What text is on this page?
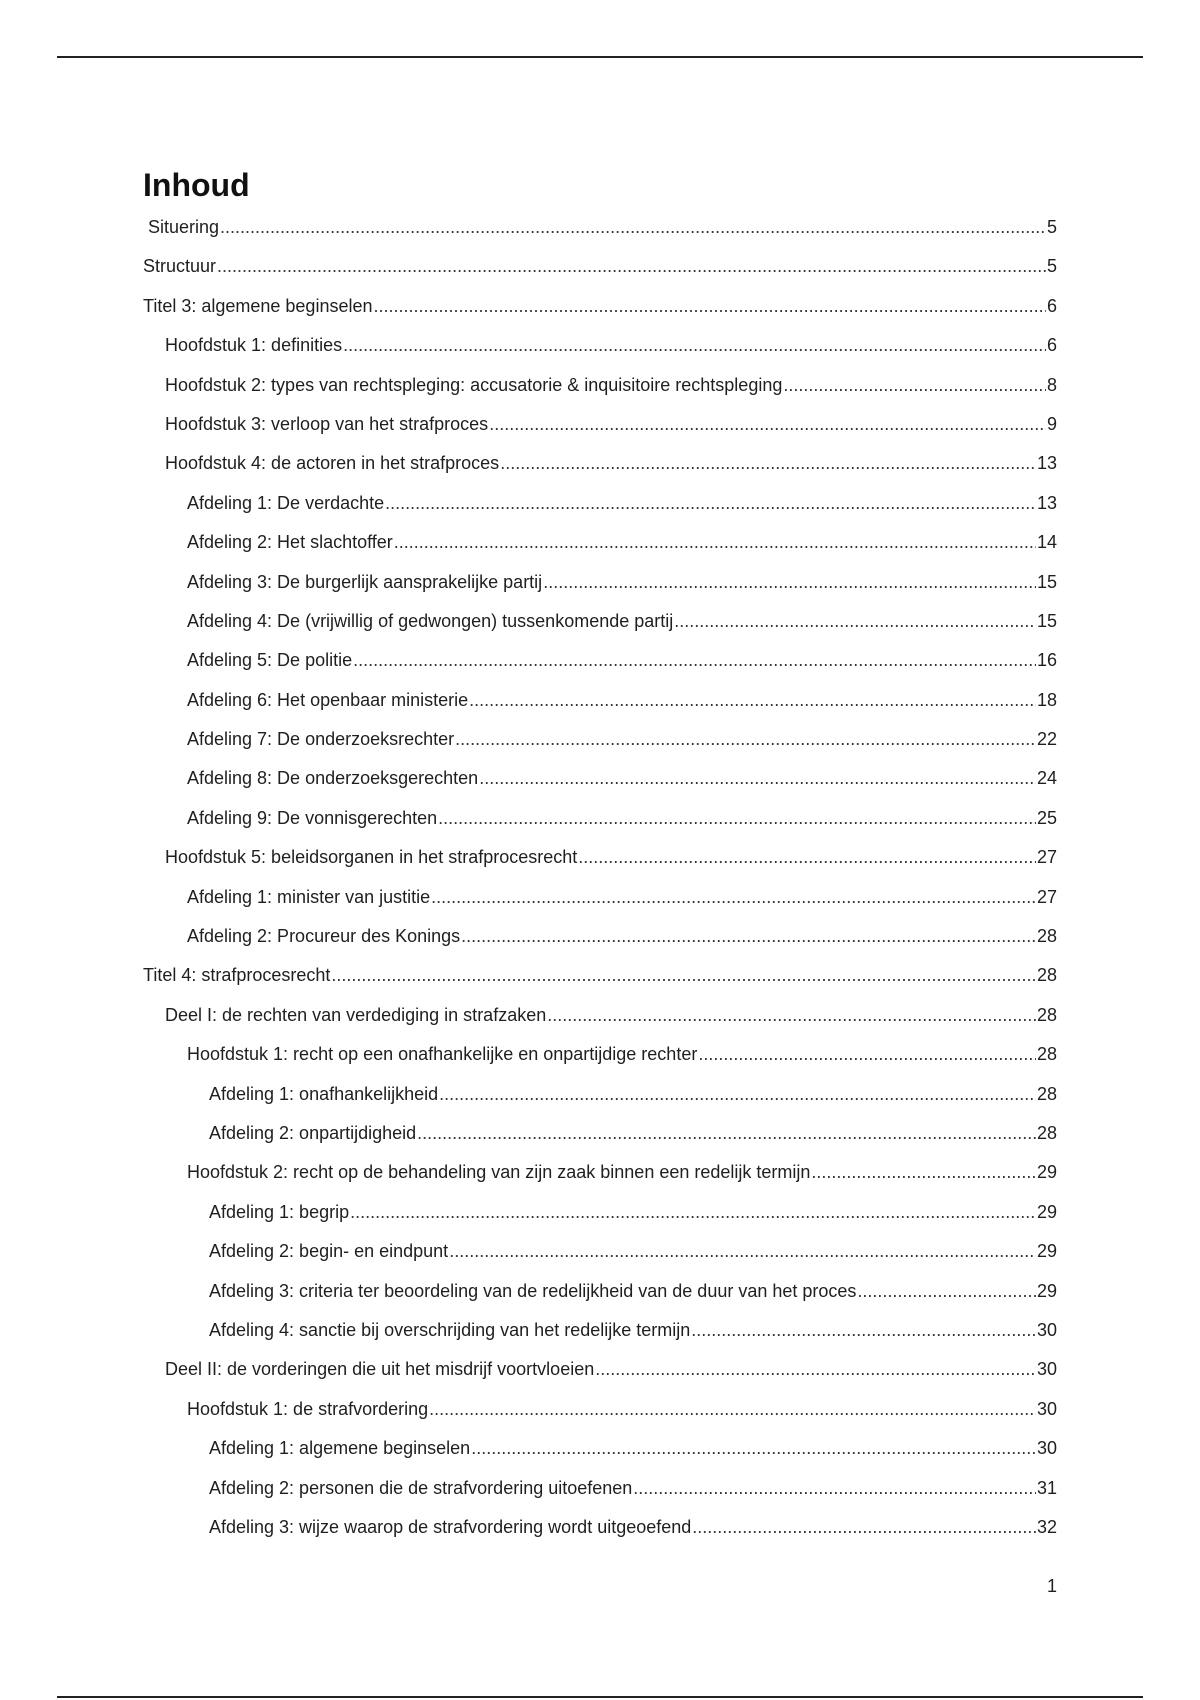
Inhoud
Situering .....	5
Structuur .....	5
Titel 3: algemene beginselen .....	6
Hoofdstuk 1: definities .....	6
Hoofdstuk 2: types van rechtspleging: accusatorie & inquisitoire rechtspleging .....	8
Hoofdstuk 3: verloop van het strafproces .....	9
Hoofdstuk 4: de actoren in het strafproces .....	13
Afdeling 1: De verdachte .....	13
Afdeling 2: Het slachtoffer .....	14
Afdeling 3: De burgerlijk aansprakelijke partij .....	15
Afdeling 4: De (vrijwillig of gedwongen) tussenkomende partij .....	15
Afdeling 5: De politie .....	16
Afdeling 6: Het openbaar ministerie .....	18
Afdeling 7: De onderzoeksrechter .....	22
Afdeling 8: De onderzoeksgerechten .....	24
Afdeling 9: De vonnisgerechten .....	25
Hoofdstuk 5: beleidsorganen in het strafprocesrecht .....	27
Afdeling 1: minister van justitie .....	27
Afdeling 2: Procureur des Konings .....	28
Titel 4: strafprocesrecht .....	28
Deel I: de rechten van verdediging in strafzaken .....	28
Hoofdstuk 1: recht op een onafhankelijke en onpartijdige rechter .....	28
Afdeling 1: onafhankelijkheid .....	28
Afdeling 2: onpartijdigheid .....	28
Hoofdstuk 2: recht op de behandeling van zijn zaak binnen een redelijk termijn .....	29
Afdeling 1: begrip .....	29
Afdeling 2: begin- en eindpunt .....	29
Afdeling 3: criteria ter beoordeling van de redelijkheid van de duur van het proces .....	29
Afdeling 4: sanctie bij overschrijding van het redelijke termijn .....	30
Deel II: de vorderingen die uit het misdrijf voortvloeien .....	30
Hoofdstuk 1: de strafvordering .....	30
Afdeling 1: algemene beginselen .....	30
Afdeling 2: personen die de strafvordering uitoefenen .....	31
Afdeling 3: wijze waarop de strafvordering wordt uitgeoefend .....	32
1
